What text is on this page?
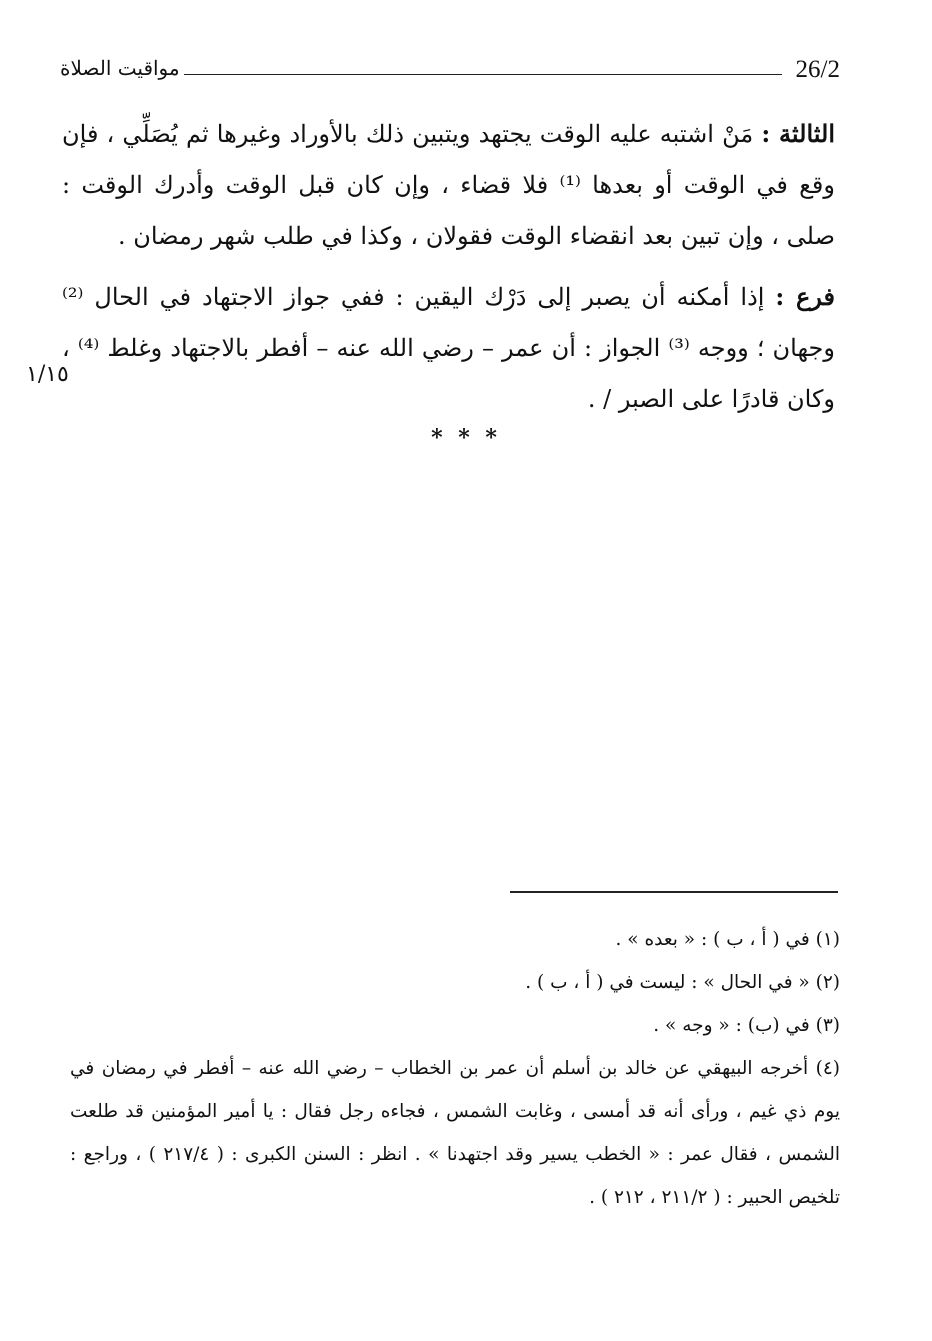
26/2
مواقيت الصلاة

الثالثة : مَنْ اشتبه عليه الوقت يجتهد ويتبين ذلك بالأوراد وغيرها ثم يُصَلِّي ، فإن وقع في الوقت أو بعدها ⁽¹⁾ فلا قضاء ، وإن كان قبل الوقت وأدرك الوقت : صلى ، وإن تبين بعد انقضاء الوقت فقولان ، وكذا في طلب شهر رمضان .

فرع : إذا أمكنه أن يصبر إلى دَرْك اليقين : ففي جواز الاجتهاد في الحال ⁽²⁾ وجهان ؛ ووجه ⁽³⁾ الجواز : أن عمر – رضي الله عنه – أفطر بالاجتهاد وغلط ⁽⁴⁾ ، وكان قادرًا على الصبر / .

١/١٥
* * *

(١) في ( أ ، ب ) : « بعده » .

(٢) « في الحال » : ليست في ( أ ، ب ) .

(٣) في (ب) : « وجه » .

(٤) أخرجه البيهقي عن خالد بن أسلم أن عمر بن الخطاب – رضي الله عنه – أفطر في رمضان في يوم ذي غيم ، ورأى أنه قد أمسى ، وغابت الشمس ، فجاءه رجل فقال : يا أمير المؤمنين قد طلعت الشمس ، فقال عمر : « الخطب يسير وقد اجتهدنا » . انظر : السنن الكبرى : ( ٢١٧/٤ ) ، وراجع : تلخيص الحبير : ( ٢١١/٢ ، ٢١٢ ) .
